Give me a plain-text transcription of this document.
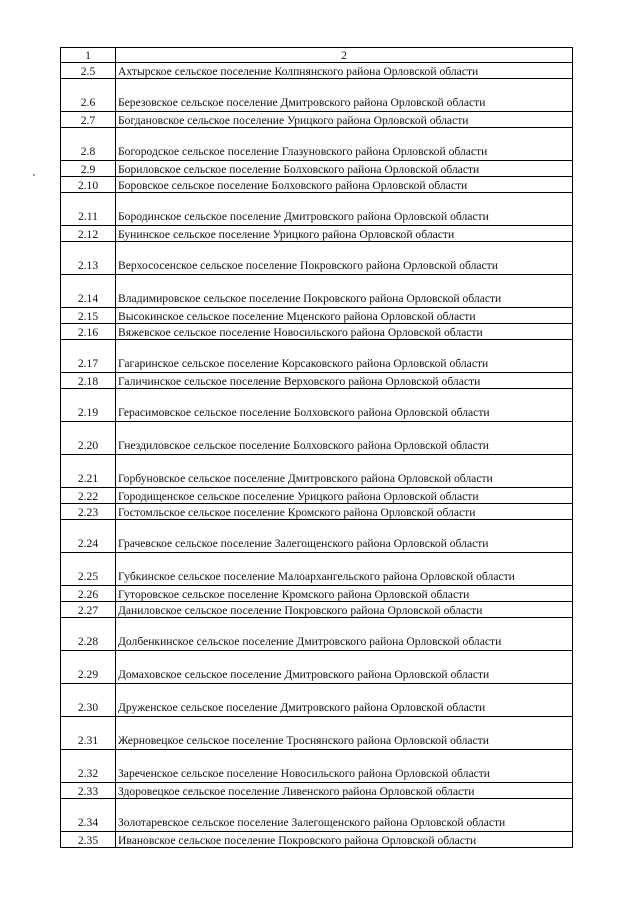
1	2
2.5	Ахтырское сельское поселение Колпнянского района Орловской области
2.6	Березовское сельское поселение Дмитровского района Орловской области
2.7	Богдановское сельское поселение Урицкого района Орловской области
2.8	Богородское сельское поселение Глазуновского района Орловской области
2.9	Бориловское сельское поселение Болховского района Орловской области
2.10	Боровское сельское поселение Болховского района Орловской области
2.11	Бородинское сельское поселение Дмитровского района Орловской области
2.12	Бунинское сельское поселение Урицкого района Орловской области
2.13	Верхососенское сельское поселение Покровского района Орловской области
2.14	Владимировское сельское поселение Покровского района Орловской области
2.15	Высокинское сельское поселение Мценского района Орловской области
2.16	Вяжевское сельское поселение Новосильского района Орловской области
2.17	Гагаринское сельское поселение Корсаковского района Орловской области
2.18	Галичинское сельское поселение Верховского района Орловской области
2.19	Герасимовское сельское поселение Болховского района Орловской области
2.20	Гнездиловское сельское поселение Болховского района Орловской области
2.21	Горбуновское сельское поселение Дмитровского района Орловской области
2.22	Городищенское сельское поселение Урицкого района Орловской области
2.23	Гостомльское сельское поселение Кромского района Орловской области
2.24	Грачевское сельское поселение Залегощенского района Орловской области
2.25	Губкинское сельское поселение Малоархангельского района Орловской области
2.26	Гуторовское сельское поселение Кромского района Орловской области
2.27	Даниловское сельское поселение Покровского района Орловской области
2.28	Долбенкинское сельское поселение Дмитровского района Орловской области
2.29	Домаховское сельское поселение Дмитровского района Орловской области
2.30	Друженское сельское поселение Дмитровского района Орловской области
2.31	Жерновецкое сельское поселение Троснянского района Орловской области
2.32	Зареченское сельское поселение Новосильского района Орловской области
2.33	Здоровецкое сельское поселение Ливенского района Орловской области
2.34	Золотаревское сельское поселение Залегощенского района Орловской области
2.35	Ивановское сельское поселение Покровского района Орловской области
